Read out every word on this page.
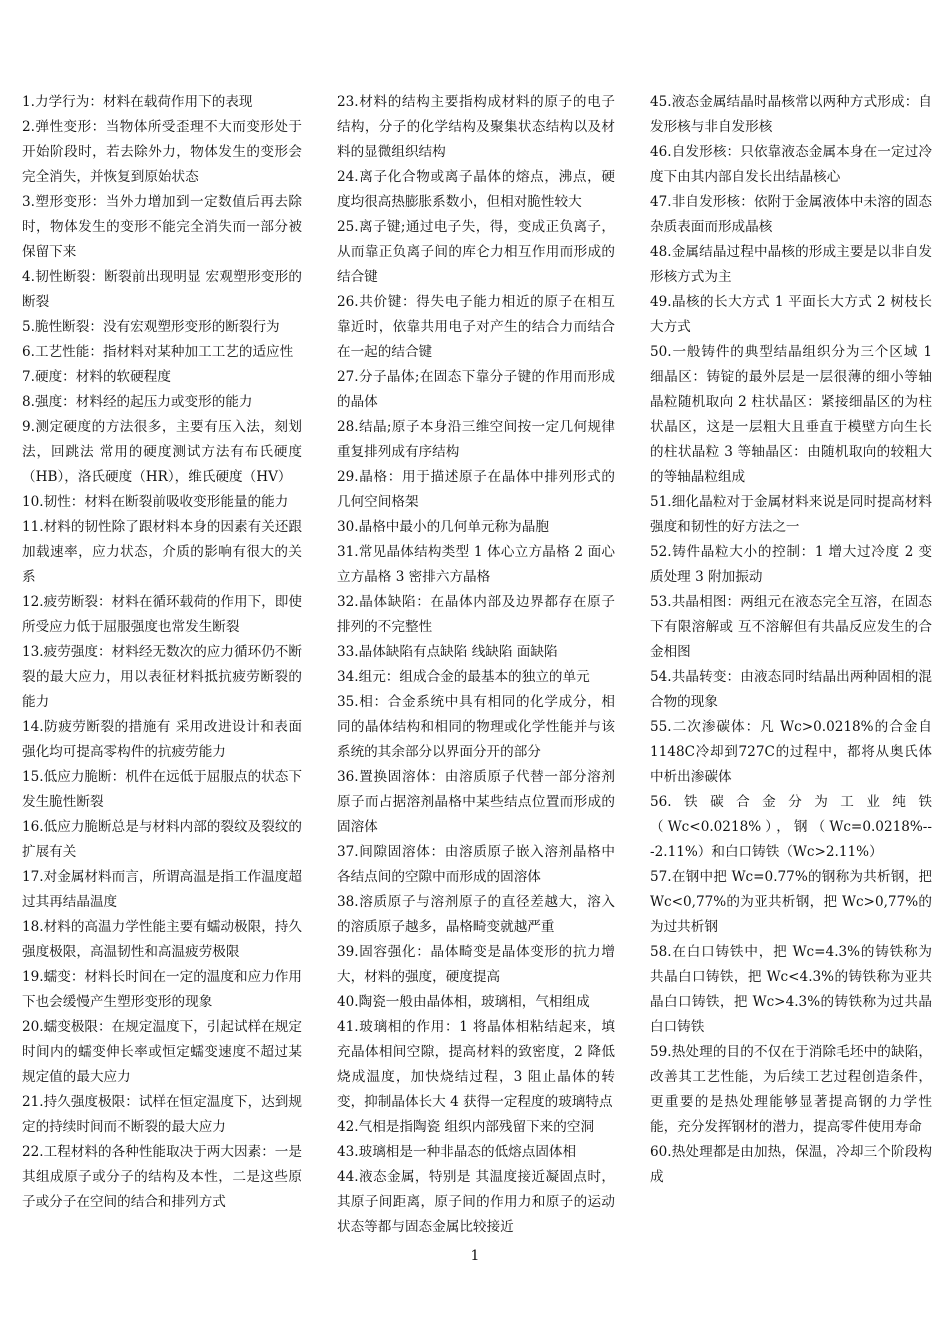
1.力学行为：材料在载荷作用下的表现

2.弹性变形：当物体所受歪理不大而变形处于开始阶段时，若去除外力，物体发生的变形会完全消失，并恢复到原始状态

3.塑形变形：当外力增加到一定数值后再去除时，物体发生的变形不能完全消失而一部分被保留下来

4.韧性断裂：断裂前出现明显 宏观塑形变形的断裂

5.脆性断裂：没有宏观塑形变形的断裂行为

6.工艺性能：指材料对某种加工工艺的适应性

7.硬度：材料的软硬程度

8.强度：材料经的起压力或变形的能力

9.测定硬度的方法很多，主要有压入法，刻划法，回跳法 常用的硬度测试方法有布氏硬度（HB），洛氏硬度（HR），维氏硬度（HV）

10.韧性：材料在断裂前吸收变形能量的能力

11.材料的韧性除了跟材料本身的因素有关还跟加载速率，应力状态，介质的影响有很大的关系

12.疲劳断裂：材料在循环载荷的作用下，即使所受应力低于屈服强度也常发生断裂

13.疲劳强度：材料经无数次的应力循环仍不断裂的最大应力，用以表征材料抵抗疲劳断裂的能力

14.防疲劳断裂的措施有 采用改进设计和表面强化均可提高零构件的抗疲劳能力

15.低应力脆断：机件在远低于屈服点的状态下发生脆性断裂

16.低应力脆断总是与材料内部的裂纹及裂纹的扩展有关

17.对金属材料而言，所谓高温是指工作温度超过其再结晶温度

18.材料的高温力学性能主要有蠕动极限，持久强度极限，高温韧性和高温疲劳极限

19.蠕变：材料长时间在一定的温度和应力作用下也会缓慢产生塑形变形的现象

20.蠕变极限：在规定温度下，引起试样在规定时间内的蠕变伸长率或恒定蠕变速度不超过某规定值的最大应力

21.持久强度极限：试样在恒定温度下，达到规定的持续时间而不断裂的最大应力

22.工程材料的各种性能取决于两大因素：一是其组成原子或分子的结构及本性，二是这些原子或分子在空间的结合和排列方式

23.材料的结构主要指构成材料的原子的电子结构，分子的化学结构及聚集状态结构以及材料的显微组织结构

24.离子化合物或离子晶体的熔点，沸点，硬度均很高热膨胀系数小，但相对脆性较大

25.离子键;通过电子失，得，变成正负离子，从而靠正负离子间的库仑力相互作用而形成的结合键

26.共价键：得失电子能力相近的原子在相互靠近时，依靠共用电子对产生的结合力而结合在一起的结合键

27.分子晶体;在固态下靠分子键的作用而形成的晶体

28.结晶;原子本身沿三维空间按一定几何规律重复排列成有序结构

29.晶格：用于描述原子在晶体中排列形式的几何空间格架

30.晶格中最小的几何单元称为晶胞

31.常见晶体结构类型 1 体心立方晶格 2 面心立方晶格 3 密排六方晶格

32.晶体缺陷：在晶体内部及边界都存在原子排列的不完整性

33.晶体缺陷有点缺陷 线缺陷 面缺陷

34.组元：组成合金的最基本的独立的单元

35.相：合金系统中具有相同的化学成分，相同的晶体结构和相同的物理或化学性能并与该系统的其余部分以界面分开的部分

36.置换固溶体：由溶质原子代替一部分溶剂原子而占据溶剂晶格中某些结点位置而形成的固溶体

37.间隙固溶体：由溶质原子嵌入溶剂晶格中各结点间的空隙中而形成的固溶体

38.溶质原子与溶剂原子的直径差越大，溶入的溶质原子越多，晶格畸变就越严重

39.固容强化：晶体畸变是晶体变形的抗力增大，材料的强度，硬度提高

40.陶瓷一般由晶体相，玻璃相，气相组成

41.玻璃相的作用：1 将晶体相粘结起来，填充晶体相间空隙，提高材料的致密度，2 降低烧成温度，加快烧结过程，3 阻止晶体的转变，抑制晶体长大 4 获得一定程度的玻璃特点

42.气相是指陶瓷 组织内部残留下来的空洞

43.玻璃相是一种非晶态的低熔点固体相

44.液态金属，特别是 其温度接近凝固点时，其原子间距离，原子间的作用力和原子的运动状态等都与固态金属比较接近

45.液态金属结晶时晶核常以两种方式形成：自发形核与非自发形核

46.自发形核：只依靠液态金属本身在一定过冷度下由其内部自发长出结晶核心

47.非自发形核：依附于金属液体中未溶的固态杂质表面而形成晶核

48.金属结晶过程中晶核的形成主要是以非自发形核方式为主

49.晶核的长大方式 1 平面长大方式 2 树枝长大方式

50.一般铸件的典型结晶组织分为三个区域 1 细晶区：铸锭的最外层是一层很薄的细小等轴晶粒随机取向 2 柱状晶区：紧接细晶区的为柱状晶区，这是一层粗大且垂直于模壁方向生长的柱状晶粒 3 等轴晶区：由随机取向的较粗大的等轴晶粒组成

51.细化晶粒对于金属材料来说是同时提高材料强度和韧性的好方法之一

52.铸件晶粒大小的控制：1 增大过冷度 2 变质处理 3 附加振动

53.共晶相图：两组元在液态完全互溶，在固态下有限溶解或 互不溶解但有共晶反应发生的合金相图

54.共晶转变：由液态同时结晶出两种固相的混合物的现象

55.二次渗碳体：凡 Wc>0.0218%的合金自1148C冷却到727C的过程中，都将从奥氏体中析出渗碳体

56.铁碳合金分为工业纯铁（Wc<0.0218%），钢（Wc=0.0218%---2.11%）和白口铸铁（Wc>2.11%）

57.在钢中把 Wc=0.77%的钢称为共析钢，把Wc<0,77%的为亚共析钢，把 Wc>0,77%的为过共析钢

58.在白口铸铁中，把 Wc=4.3%的铸铁称为共晶白口铸铁，把 Wc<4.3%的铸铁称为亚共晶白口铸铁，把 Wc>4.3%的铸铁称为过共晶白口铸铁

59.热处理的目的不仅在于消除毛坯中的缺陷，改善其工艺性能，为后续工艺过程创造条件，更重要的是热处理能够显著提高钢的力学性能，充分发挥钢材的潜力，提高零件使用寿命

60.热处理都是由加热，保温，冷却三个阶段构成

1
